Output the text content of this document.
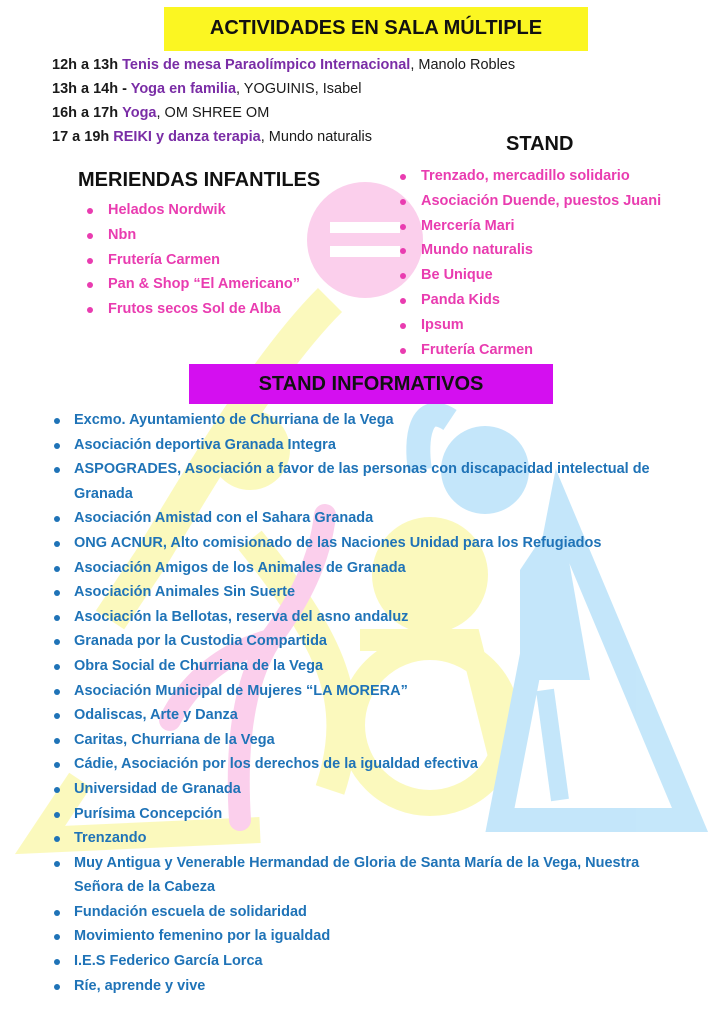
ACTIVIDADES EN SALA MÚLTIPLE
12h a 13h Tenis de mesa Paraolímpico Internacional, Manolo Robles
13h a 14h - Yoga en familia, YOGUINIS, Isabel
16h a 17h Yoga, OM SHREE OM
17 a 19h REIKI y danza terapia, Mundo naturalis
MERIENDAS INFANTILES
Helados Nordwik
Nbn
Frutería Carmen
Pan & Shop “El Americano”
Frutos secos Sol de Alba
STAND
Trenzado, mercadillo solidario
Asociación Duende, puestos Juani
Mercería Mari
Mundo naturalis
Be Unique
Panda Kids
Ipsum
Frutería Carmen
STAND INFORMATIVOS
Excmo. Ayuntamiento de Churriana de la Vega
Asociación deportiva Granada Integra
ASPOGRADES, Asociación a favor de las personas con discapacidad intelectual de Granada
Asociación Amistad con el Sahara Granada
ONG ACNUR, Alto comisionado de las Naciones Unidad para los Refugiados
Asociación Amigos de los Animales de Granada
Asociación Animales Sin Suerte
Asociación la Bellotas, reserva del asno andaluz
Granada por la Custodia Compartida
Obra Social de Churriana de la Vega
Asociación Municipal de Mujeres “LA MORERA”
Odaliscas, Arte y Danza
Caritas, Churriana de la Vega
Cádie, Asociación por los derechos de la igualdad efectiva
Universidad de Granada
Purísima Concepción
Trenzando
Muy Antigua y Venerable Hermandad de Gloria de Santa María de la Vega, Nuestra Señora de la Cabeza
Fundación escuela de solidaridad
Movimiento femenino por la igualdad
I.E.S Federico García Lorca
Ríe, aprende y vive
